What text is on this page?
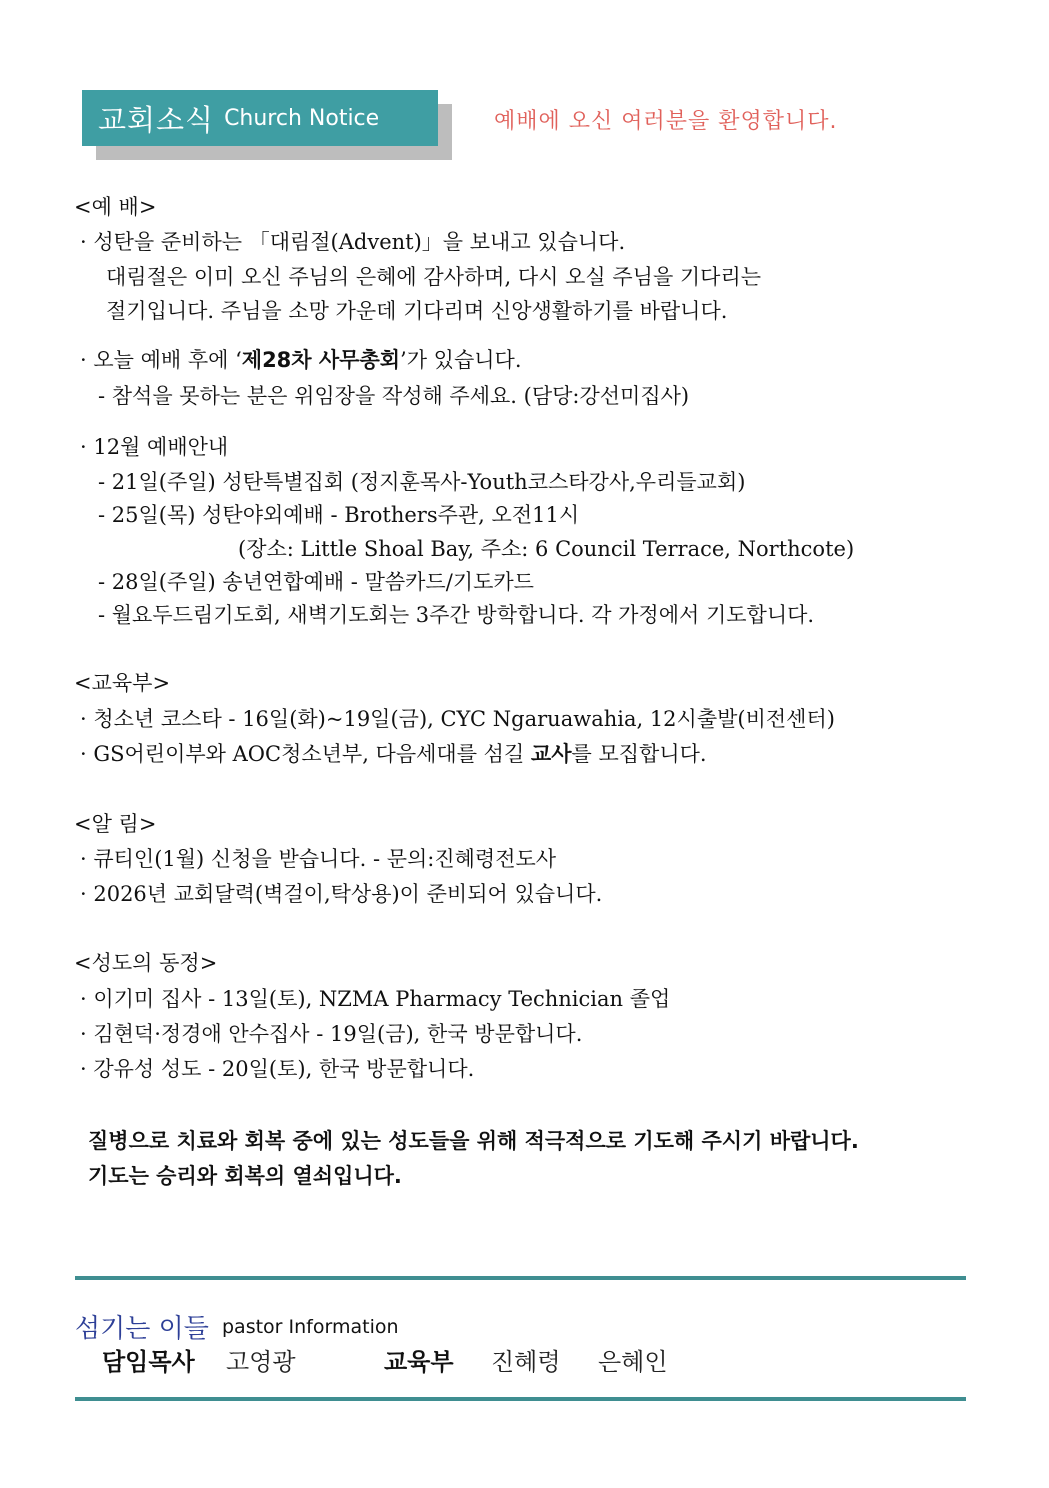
교회소식 Church Notice	예배에 오신 여러분을 환영합니다.
<예 배>
· 성탄을 준비하는 「대림절(Advent)」을 보내고 있습니다.
대림절은 이미 오신 주님의 은혜에 감사하며, 다시 오실 주님을 기다리는
절기입니다. 주님을 소망 가운데 기다리며 신앙생활하기를 바랍니다.
· 오늘 예배 후에 ‘제28차 사무총회’가 있습니다.
- 참석을 못하는 분은 위임장을 작성해 주세요. (담당:강선미집사)
· 12월 예배안내
- 21일(주일) 성탄특별집회 (정지훈목사-Youth코스타강사,우리들교회)
- 25일(목) 성탄야외예배 - Brothers주관, 오전11시
(장소: Little Shoal Bay, 주소: 6 Council Terrace, Northcote)
- 28일(주일) 송년연합예배 - 말씀카드/기도카드
- 월요두드림기도회, 새벽기도회는 3주간 방학합니다. 각 가정에서 기도합니다.
<교육부>
· 청소년 코스타 - 16일(화)~19일(금), CYC Ngaruawahia, 12시출발(비전센터)
· GS어린이부와 AOC청소년부, 다음세대를 섬길 교사를 모집합니다.
<알 림>
· 큐티인(1월) 신청을 받습니다. - 문의:진혜령전도사
· 2026년 교회달력(벽걸이,탁상용)이 준비되어 있습니다.
<성도의 동정>
· 이기미 집사 - 13일(토), NZMA Pharmacy Technician 졸업
· 김현덕·정경애 안수집사 - 19일(금), 한국 방문합니다.
· 강유성 성도 - 20일(토), 한국 방문합니다.
질병으로 치료와 회복 중에 있는 성도들을 위해 적극적으로 기도해 주시기 바랍니다.
기도는 승리와 회복의 열쇠입니다.
섬기는 이들 pastor Information
담임목사 고영광	교육부 진혜령 은혜인
